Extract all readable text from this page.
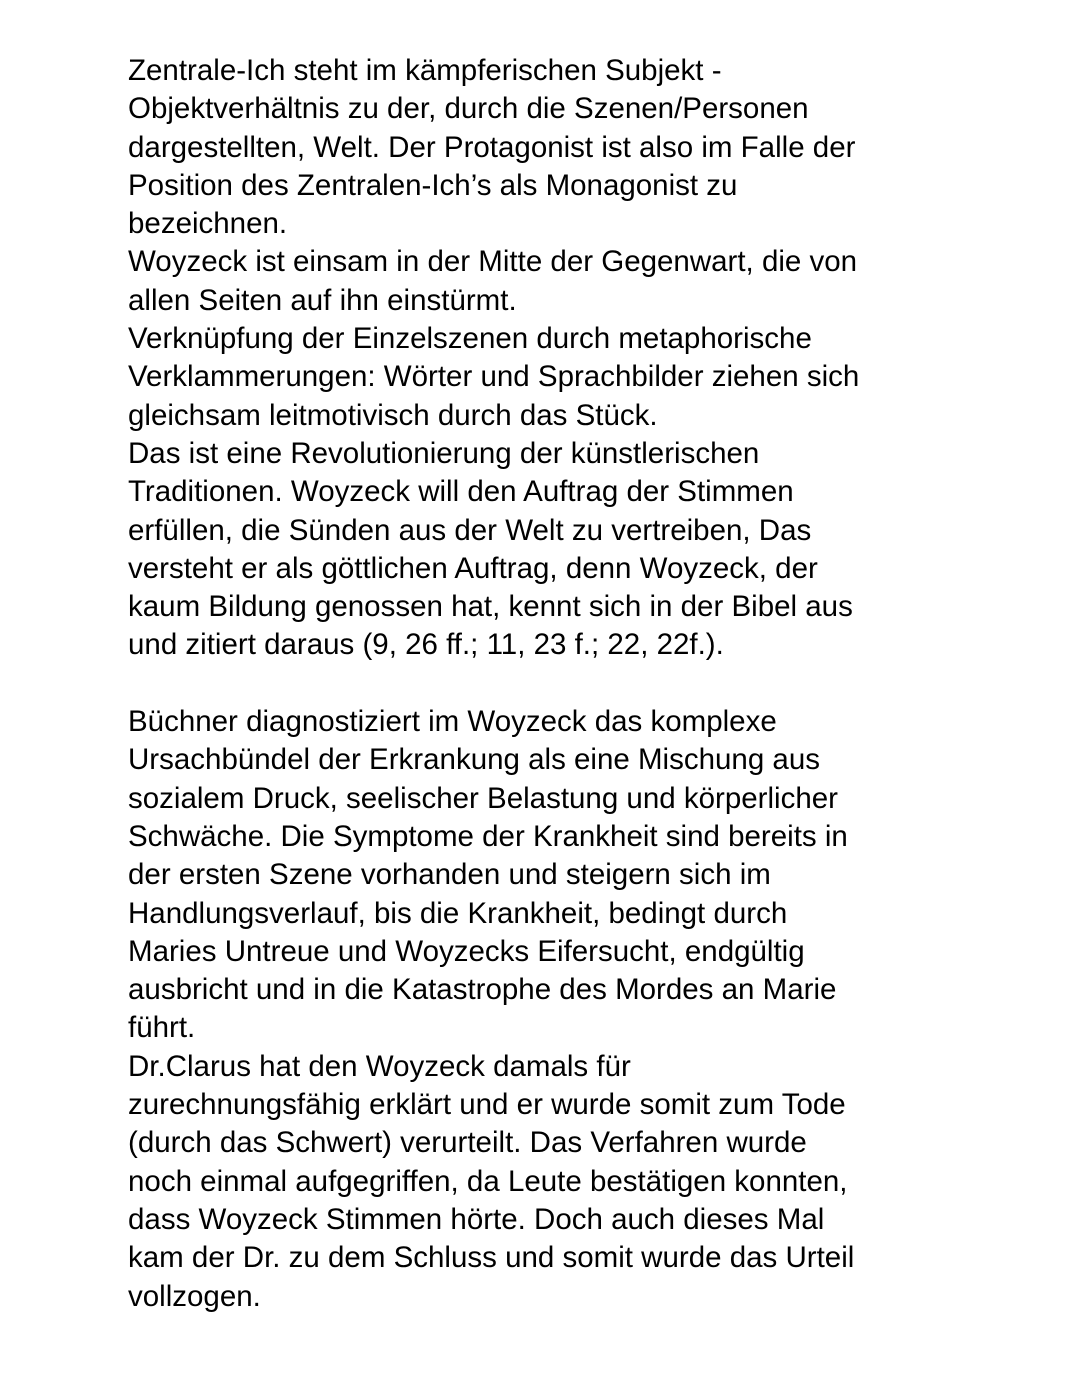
Zentrale-Ich steht im kämpferischen Subjekt -
Objektverhältnis zu der, durch die Szenen/Personen
dargestellten, Welt. Der Protagonist ist also im Falle der
Position des Zentralen-Ich’s als Monagonist zu
bezeichnen.
Woyzeck ist einsam in der Mitte der Gegenwart, die von
allen Seiten auf ihn einstürmt.
Verknüpfung der Einzelszenen durch metaphorische
Verklammerungen: Wörter und Sprachbilder ziehen sich
gleichsam leitmotivisch durch das Stück.
Das ist eine Revolutionierung der künstlerischen
Traditionen. Woyzeck will den Auftrag der Stimmen
erfüllen, die Sünden aus der Welt zu vertreiben, Das
versteht er als göttlichen Auftrag, denn Woyzeck, der
kaum Bildung genossen hat, kennt sich in der Bibel aus
und zitiert daraus (9, 26 ff.; 11, 23 f.; 22, 22f.).
Büchner diagnostiziert im Woyzeck das komplexe
Ursachbündel der Erkrankung als eine Mischung aus
sozialem Druck, seelischer Belastung und körperlicher
Schwäche. Die Symptome der Krankheit sind bereits in
der ersten Szene vorhanden und steigern sich im
Handlungsverlauf, bis die Krankheit, bedingt durch
Maries Untreue und Woyzecks Eifersucht, endgültig
ausbricht und in die Katastrophe des Mordes an Marie
führt.
Dr.Clarus hat den Woyzeck damals für
zurechnungsfähig erklärt und er wurde somit zum Tode
(durch das Schwert) verurteilt. Das Verfahren wurde
noch einmal aufgegriffen, da Leute bestätigen konnten,
dass Woyzeck Stimmen hörte. Doch auch dieses Mal
kam der Dr. zu dem Schluss und somit wurde das Urteil
vollzogen.
